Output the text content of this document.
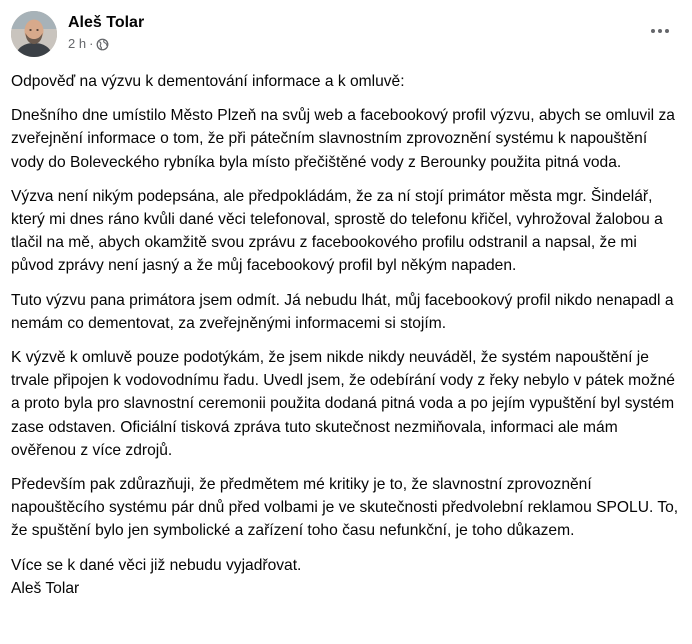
Aleš Tolar
2 h ·

Odpověď na výzvu k dementování informace a k omluvě:

Dnešního dne umístilo Město Plzeň na svůj web a facebookový profil výzvu, abych se omluvil za zveřejnění informace o tom, že při pátečním slavnostním zprovoznění systému k napouštění vody do Boleveckého rybníka byla místo přečištěné vody z Berounky použita pitná voda.

Výzva není nikým podepsána, ale předpokládám, že za ní stojí primátor města mgr. Šindelář, který mi dnes ráno kvůli dané věci telefonoval, sprostě do telefonu křičel, vyhrožoval žalobou a tlačil na mě, abych okamžitě svou zprávu z facebookového profilu odstranil a napsal, že mi původ zprávy není jasný a že můj facebookový profil byl někým napaden.

Tuto výzvu pana primátora jsem odmít. Já nebudu lhát, můj facebookový profil nikdo nenapadl a nemám co dementovat, za zveřejněnými informacemi si stojím.

K výzvě k omluvě pouze podotýkám, že jsem nikde nikdy neuváděl, že systém napouštění je trvale připojen k vodovodnímu řadu. Uvedl jsem, že odebírání vody z řeky nebylo v pátek možné a proto byla pro slavnostní ceremonii použita dodaná pitná voda a po jejím vypuštění byl systém zase odstaven. Oficiální tisková zpráva tuto skutečnost nezmiňovala, informaci ale mám ověřenou z více zdrojů.

Především pak zdůrazňuji, že předmětem mé kritiky je to, že slavnostní zprovoznění napouštěcího systému pár dnů před volbami je ve skutečnosti předvolební reklamou SPOLU. To, že spuštění bylo jen symbolické a zařízení toho času nefunkční, je toho důkazem.

Více se k dané věci již nebudu vyjadřovat.

Aleš Tolar
